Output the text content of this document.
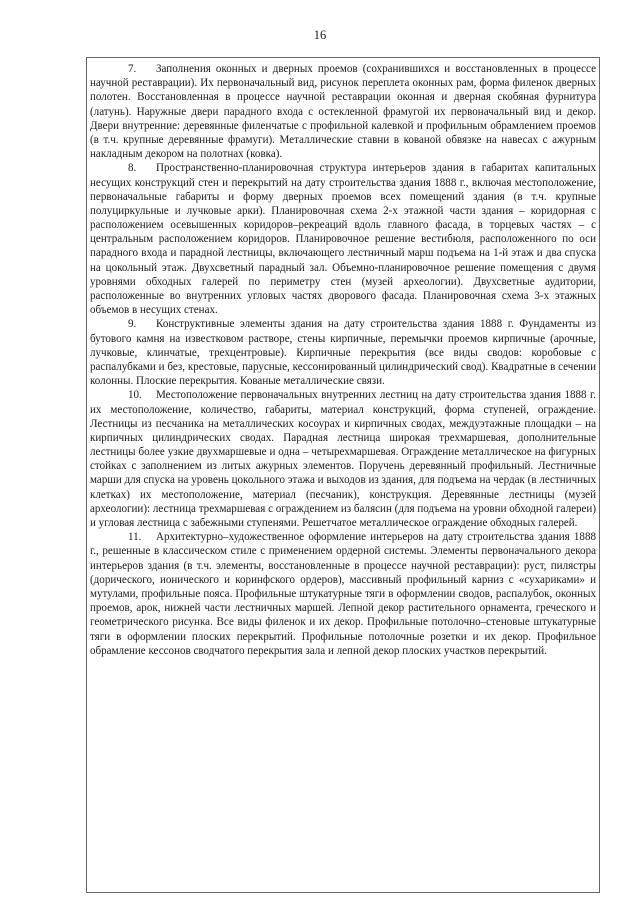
16

7. Заполнения оконных и дверных проемов (сохранившихся и восстановленных в процессе научной реставрации). Их первоначальный вид, рисунок переплета оконных рам, форма филенок дверных полотен. Восстановленная в процессе научной реставрации оконная и дверная скобяная фурнитура (латунь). Наружные двери парадного входа с остекленной фрамугой их первоначальный вид и декор. Двери внутренние: деревянные филенчатые с профильной калевкой и профильным обрамлением проемов (в т.ч. крупные деревянные фрамуги). Металлические ставни в кованой обвязке на навесах с ажурным накладным декором на полотнах (ковка).

8. Пространственно-планировочная структура интерьеров здания в габаритах капитальных несущих конструкций стен и перекрытий на дату строительства здания 1888 г., включая местоположение, первоначальные габариты и форму дверных проемов всех помещений здания (в т.ч. крупные полуциркульные и лучковые арки). Планировочная схема 2-х этажной части здания – коридорная с расположением осевышенных коридоров–рекреаций вдоль главного фасада, в торцевых частях – с центральным расположением коридоров. Планировочное решение вестибюля, расположенного по оси парадного входа и парадной лестницы, включающего лестничный марш подъема на 1-й этаж и два спуска на цокольный этаж. Двухсветный парадный зал. Объемно-планировочное решение помещения с двумя уровнями обходных галерей по периметру стен (музей археологии). Двухсветные аудитории, расположенные во внутренних угловых частях дворового фасада. Планировочная схема 3-х этажных объемов в несущих стенах.

9. Конструктивные элементы здания на дату строительства здания 1888 г. Фундаменты из бутового камня на известковом растворе, стены кирпичные, перемычки проемов кирпичные (арочные, лучковые, клинчатые, трехцентровые). Кирпичные перекрытия (все виды сводов: коробовые с распалубками и без, крестовые, парусные, кессонированный цилиндрический свод). Квадратные в сечении колонны. Плоские перекрытия. Кованые металлические связи.

10. Местоположение первоначальных внутренних лестниц на дату строительства здания 1888 г. их местоположение, количество, габариты, материал конструкций, форма ступеней, ограждение. Лестницы из песчаника на металлических косоурах и кирпичных сводах, междуэтажные площадки – на кирпичных цилиндрических сводах. Парадная лестница широкая трехмаршевая, дополнительные лестницы более узкие двухмаршевые и одна – четырехмаршевая. Ограждение металлическое на фигурных стойках с заполнением из литых ажурных элементов. Поручень деревянный профильный. Лестничные марши для спуска на уровень цокольного этажа и выходов из здания, для подъема на чердак (в лестничных клетках) их местоположение, материал (песчаник), конструкция. Деревянные лестницы (музей археологии): лестница трехмаршевая с ограждением из балясин (для подъема на уровни обходной галереи) и угловая лестница с забежными ступенями. Решетчатое металлическое ограждение обходных галерей.

11. Архитектурно–художественное оформление интерьеров на дату строительства здания 1888 г., решенные в классическом стиле с применением ордерной системы. Элементы первоначального декора интерьеров здания (в т.ч. элементы, восстановленные в процессе научной реставрации): руст, пилястры (дорического, ионического и коринфского ордеров), массивный профильный карниз с «сухариками» и мутулами, профильные пояса. Профильные штукатурные тяги в оформлении сводов, распалубок, оконных проемов, арок, нижней части лестничных маршей. Лепной декор растительного орнамента, греческого и геометрического рисунка. Все виды филенок и их декор. Профильные потолочно–стеновые штукатурные тяги в оформлении плоских перекрытий. Профильные потолочные розетки и их декор. Профильное обрамление кессонов сводчатого перекрытия зала и лепной декор плоских участков перекрытий.
